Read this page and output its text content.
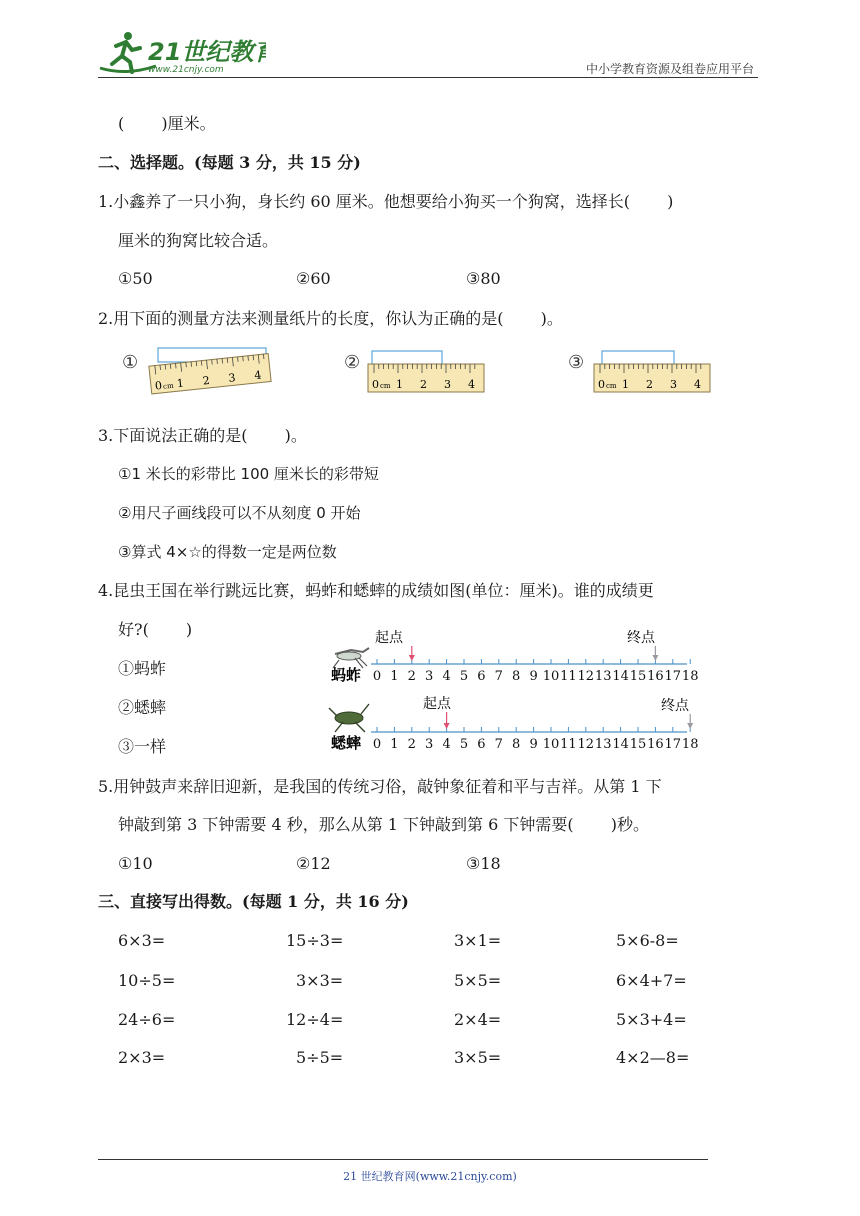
21世纪教育
www.21cnjy.com	中小学教育资源及组卷应用平台
(　 　)厘米。
二、选择题。(每题 3 分，共 15 分)
1.小鑫养了一只小狗，身长约 60 厘米。他想要给小狗买一个狗窝，选择长(　 　)
厘米的狗窝比较合适。
①50	②60	③80
2.用下面的测量方法来测量纸片的长度，你认为正确的是(　 　)。
①	②	③
0 cm 1 2 3 4
0 cm 1 2 3 4	0 cm 1 2 3 4
3.下面说法正确的是(　 　)。
①1 米长的彩带比 100 厘米长的彩带短
②用尺子画线段可以不从刻度 0 开始
③算式 4×☆的得数一定是两位数
4.昆虫王国在举行跳远比赛，蚂蚱和蟋蟀的成绩如图(单位：厘米)。谁的成绩更
好?(　 　)
①蚂蚱
②蟋蟀
③一样
蚂蚱 0 1 2 3 4 5 6 7 8 9 10 11 12 13 14 15 16 17 18
起点	终点
蟋蟀 0 1 2 3 4 5 6 7 8 9 10 11 12 13 14 15 16 17 18
起点	终点
5.用钟鼓声来辞旧迎新，是我国的传统习俗，敲钟象征着和平与吉祥。从第 1 下
钟敲到第 3 下钟需要 4 秒，那么从第 1 下钟敲到第 6 下钟需要(　 　)秒。
①10	②12	③18
三、直接写出得数。(每题 1 分，共 16 分)
6×3=	15÷3=	3×1=	5×6-8=
10÷5=	3×3=	5×5=	6×4+7=
24÷6=	12÷4=	2×4=	5×3+4=
2×3=	5÷5=	3×5=	4×2—8=
21 世纪教育网(www.21cnjy.com)
